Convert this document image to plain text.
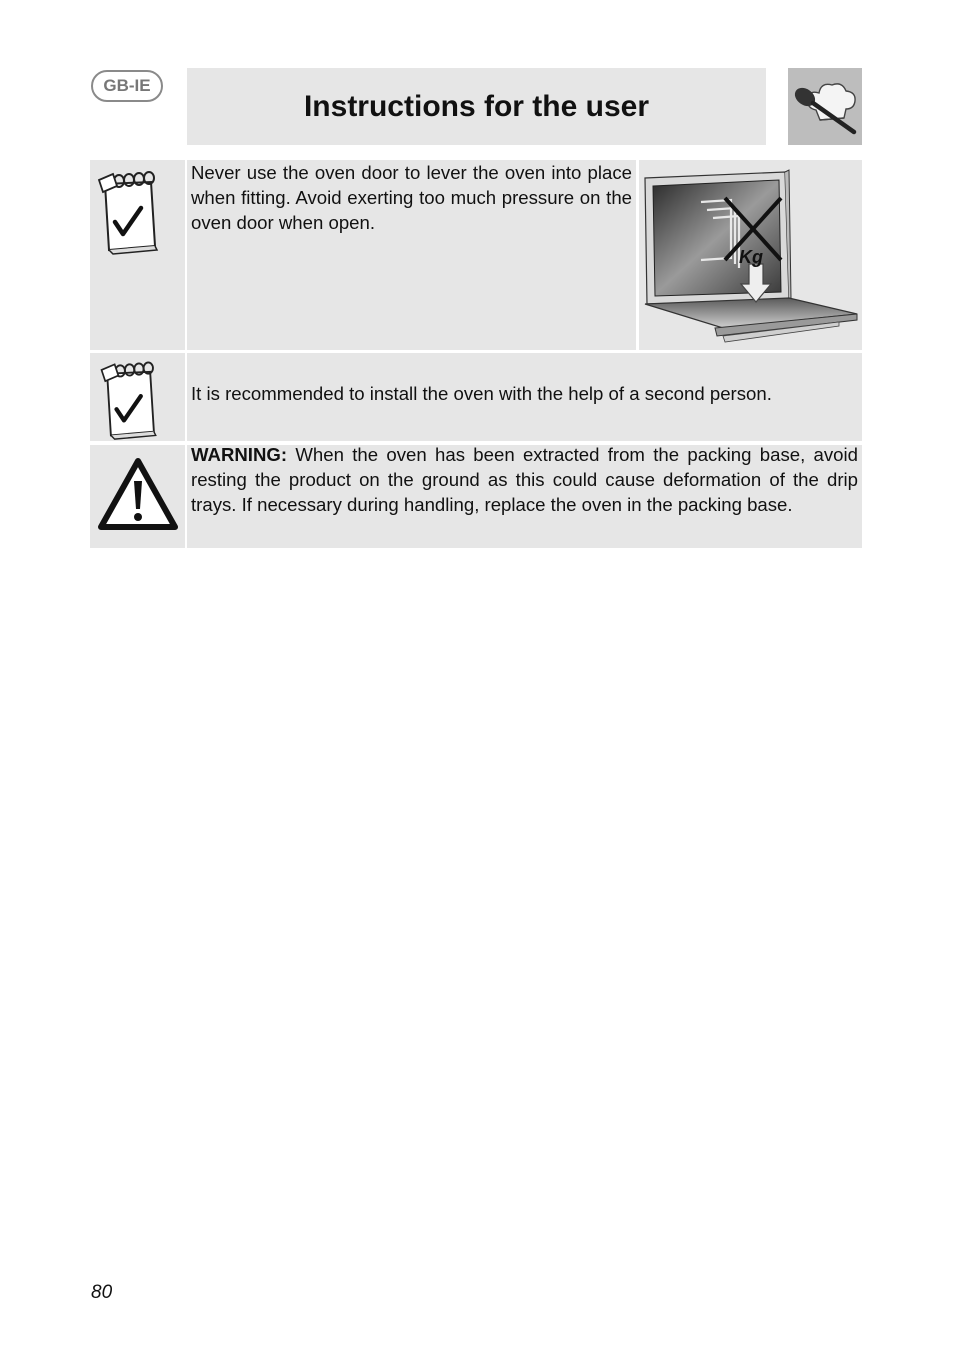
GB-IE
Instructions for the user
Never use the oven door to lever the oven into place when fitting. Avoid exerting too much pressure on the oven door when open.
Kg
It is recommended to install the oven with the help of a second person.
WARNING: When the oven has been extracted from the packing base, avoid resting the product on the ground as this could cause deformation of the drip trays. If necessary during handling, replace the oven in the packing base.
80
